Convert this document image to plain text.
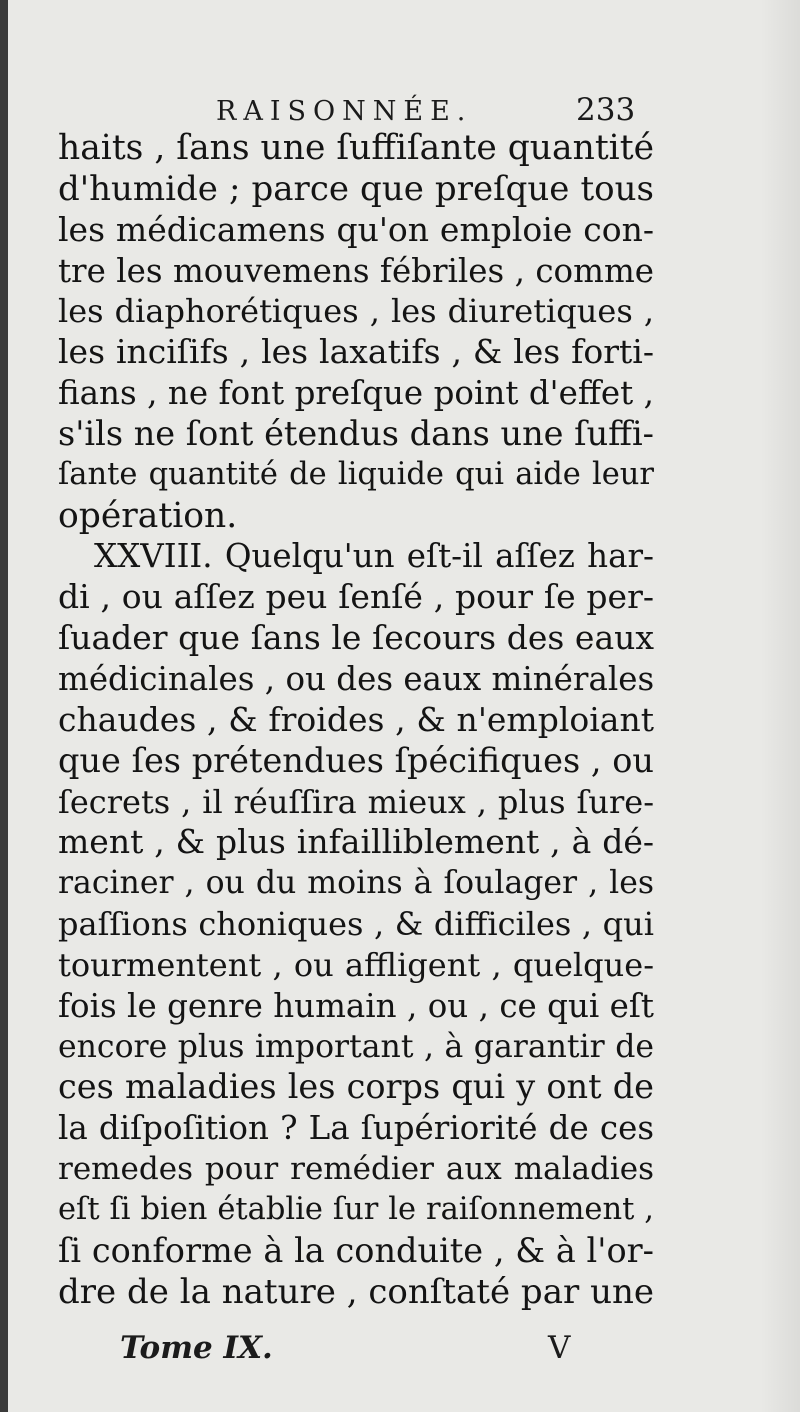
RAISONNÉE.	233
haits , ſans une ſuffiſante quantité
d'humide ; parce que preſque tous
les médicamens qu'on emploie con-
tre les mouvemens fébriles , comme
les diaphorétiques , les diuretiques ,
les inciſifs , les laxatifs , & les forti-
fians , ne font preſque point d'effet ,
s'ils ne ſont étendus dans une ſuffi-
ſante quantité de liquide qui aide leur
opération.
XXVIII. Quelqu'un eſt-il aſſez har-
di , ou aſſez peu ſenſé , pour ſe per-
ſuader que ſans le ſecours des eaux
médicinales , ou des eaux minérales
chaudes , & froides , & n'emploiant
que ſes prétendues ſpécifiques , ou
ſecrets , il réuſſira mieux , plus ſure-
ment , & plus infailliblement , à dé-
raciner , ou du moins à ſoulager , les
paſſions choniques , & difficiles , qui
tourmentent , ou affligent , quelque-
fois le genre humain , ou , ce qui eſt
encore plus important , à garantir de
ces maladies les corps qui y ont de
la diſpoſition ? La ſupériorité de ces
remedes pour remédier aux maladies
eſt ſi bien établie ſur le raiſonnement ,
ſi conforme à la conduite , & à l'or-
dre de la nature , conſtaté par une
Tome IX.	V
